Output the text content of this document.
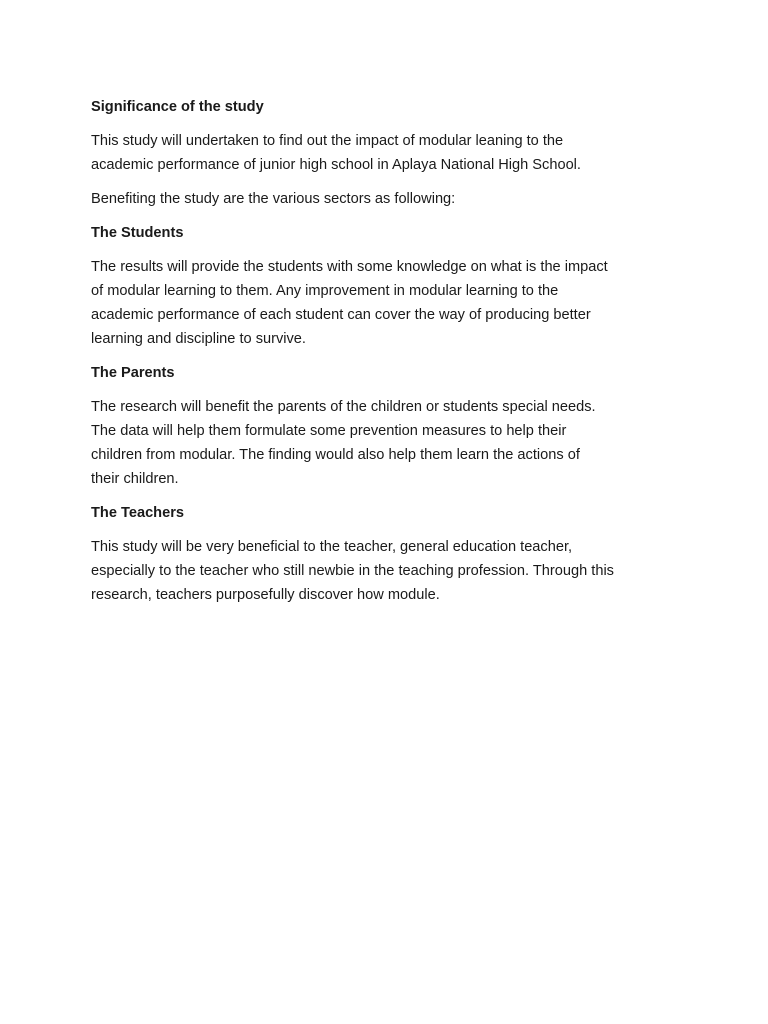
Significance of the study
This study will undertaken to find out the impact of modular leaning to the
academic performance of junior high school in Aplaya National High School.
Benefiting the study are the various sectors as following:
The Students
The results will provide the students with some knowledge on what is the impact
of modular learning to them. Any improvement in modular learning to the
academic performance of each student can cover the way of producing better
learning and discipline to survive.
The Parents
The research will benefit the parents of the children or students special needs.
The data will help them formulate some prevention measures to help their
children from modular. The finding would also help them learn the actions of
their children.
The Teachers
This study will be very beneficial to the teacher, general education teacher,
especially to the teacher who still newbie in the teaching profession. Through this
research, teachers purposefully discover how module.
